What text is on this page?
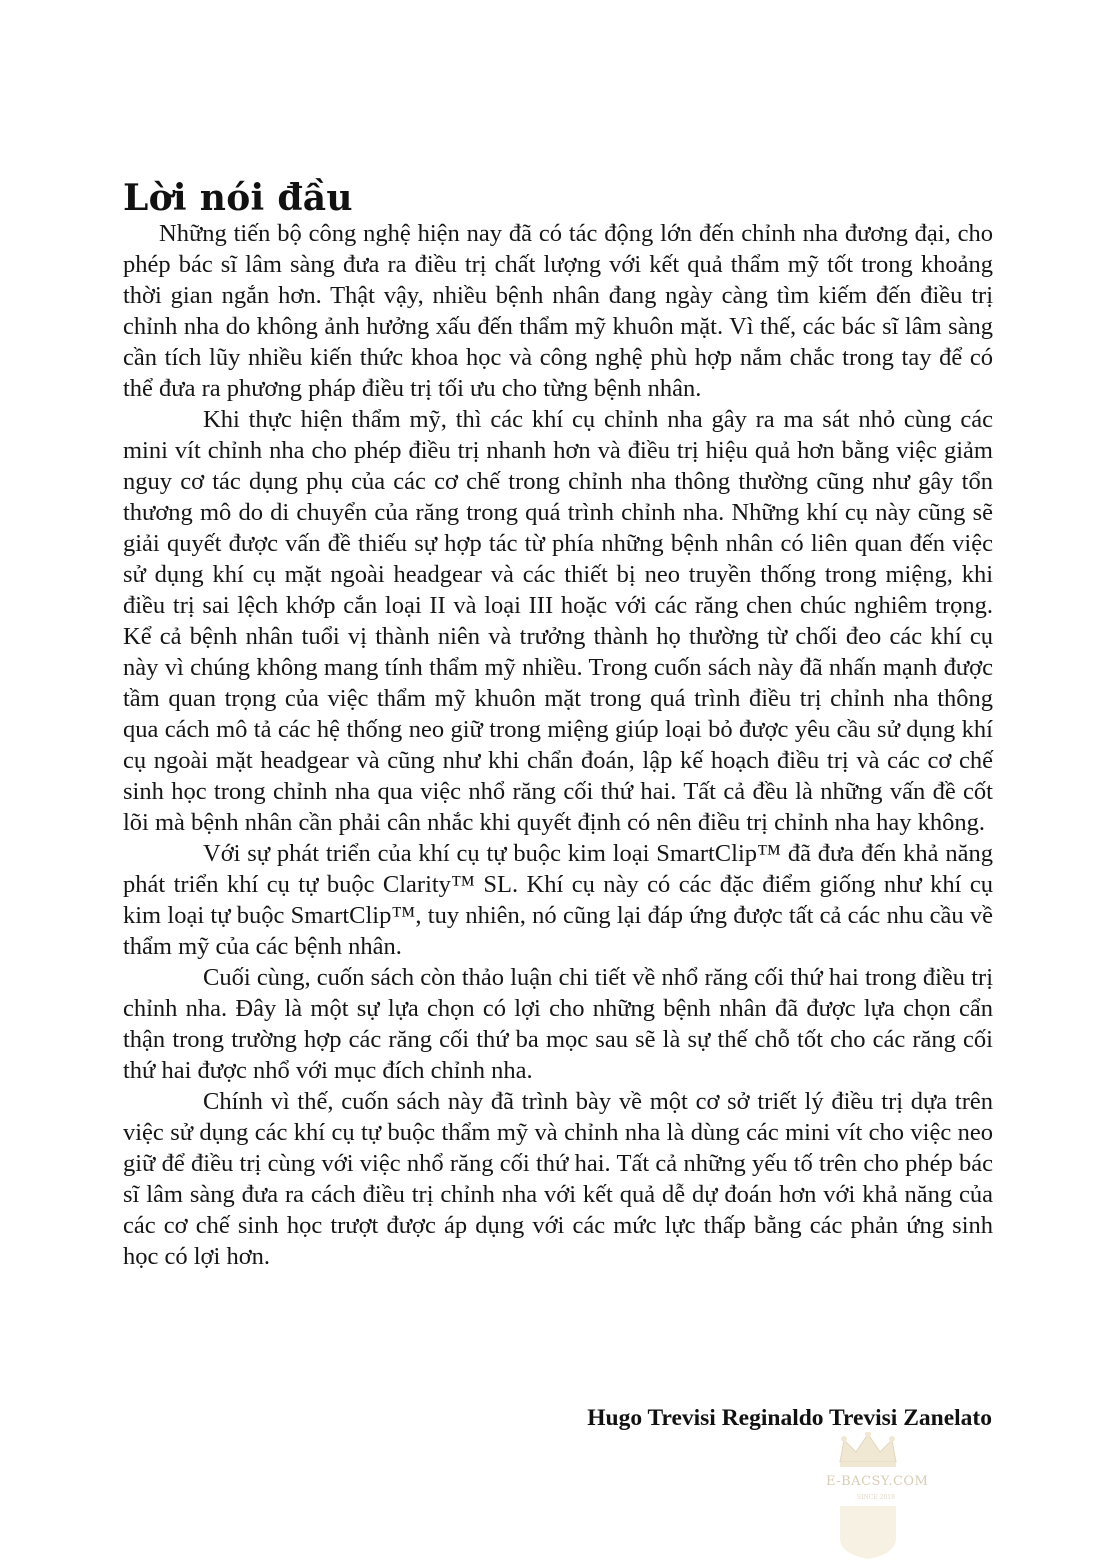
Lời nói đầu

Những tiến bộ công nghệ hiện nay đã có tác động lớn đến chỉnh nha đương đại, cho phép bác sĩ lâm sàng đưa ra điều trị chất lượng với kết quả thẩm mỹ tốt trong khoảng thời gian ngắn hơn. Thật vậy, nhiều bệnh nhân đang ngày càng tìm kiếm đến điều trị chỉnh nha do không ảnh hưởng xấu đến thẩm mỹ khuôn mặt. Vì thế, các bác sĩ lâm sàng cần tích lũy nhiều kiến thức khoa học và công nghệ phù hợp nắm chắc trong tay để có thể đưa ra phương pháp điều trị tối ưu cho từng bệnh nhân.

Khi thực hiện thẩm mỹ, thì các khí cụ chỉnh nha gây ra ma sát nhỏ cùng các mini vít chỉnh nha cho phép điều trị nhanh hơn và điều trị hiệu quả hơn bằng việc giảm nguy cơ tác dụng phụ của các cơ chế trong chỉnh nha thông thường cũng như gây tổn thương mô do di chuyển của răng trong quá trình chỉnh nha. Những khí cụ này cũng sẽ giải quyết được vấn đề thiếu sự hợp tác từ phía những bệnh nhân có liên quan đến việc sử dụng khí cụ mặt ngoài headgear và các thiết bị neo truyền thống trong miệng, khi điều trị sai lệch khớp cắn loại II và loại III hoặc với các răng chen chúc nghiêm trọng. Kể cả bệnh nhân tuổi vị thành niên và trưởng thành họ thường từ chối đeo các khí cụ này vì chúng không mang tính thẩm mỹ nhiều. Trong cuốn sách này đã nhấn mạnh được tầm quan trọng của việc thẩm mỹ khuôn mặt trong quá trình điều trị chỉnh nha thông qua cách mô tả các hệ thống neo giữ trong miệng giúp loại bỏ được yêu cầu sử dụng khí cụ ngoài mặt headgear và cũng như khi chẩn đoán, lập kế hoạch điều trị và các cơ chế sinh học trong chỉnh nha qua việc nhổ răng cối thứ hai. Tất cả đều là những vấn đề cốt lõi mà bệnh nhân cần phải cân nhắc khi quyết định có nên điều trị chỉnh nha hay không.

Với sự phát triển của khí cụ tự buộc kim loại SmartClip™ đã đưa đến khả năng phát triển khí cụ tự buộc Clarity™ SL. Khí cụ này có các đặc điểm giống như khí cụ kim loại tự buộc SmartClip™, tuy nhiên, nó cũng lại đáp ứng được tất cả các nhu cầu về thẩm mỹ của các bệnh nhân.

Cuối cùng, cuốn sách còn thảo luận chi tiết về nhổ răng cối thứ hai trong điều trị chỉnh nha. Đây là một sự lựa chọn có lợi cho những bệnh nhân đã được lựa chọn cẩn thận trong trường hợp các răng cối thứ ba mọc sau sẽ là sự thế chỗ tốt cho các răng cối thứ hai được nhổ với mục đích chỉnh nha.

Chính vì thế, cuốn sách này đã trình bày về một cơ sở triết lý điều trị dựa trên việc sử dụng các khí cụ tự buộc thẩm mỹ và chỉnh nha là dùng các mini vít cho việc neo giữ để điều trị cùng với việc nhổ răng cối thứ hai. Tất cả những yếu tố trên cho phép bác sĩ lâm sàng đưa ra cách điều trị chỉnh nha với kết quả dễ dự đoán hơn với khả năng của các cơ chế sinh học trượt được áp dụng với các mức lực thấp bằng các phản ứng sinh học có lợi hơn.

Hugo Trevisi Reginaldo Trevisi Zanelato
E-BACSY.COM
SINCE 2018
